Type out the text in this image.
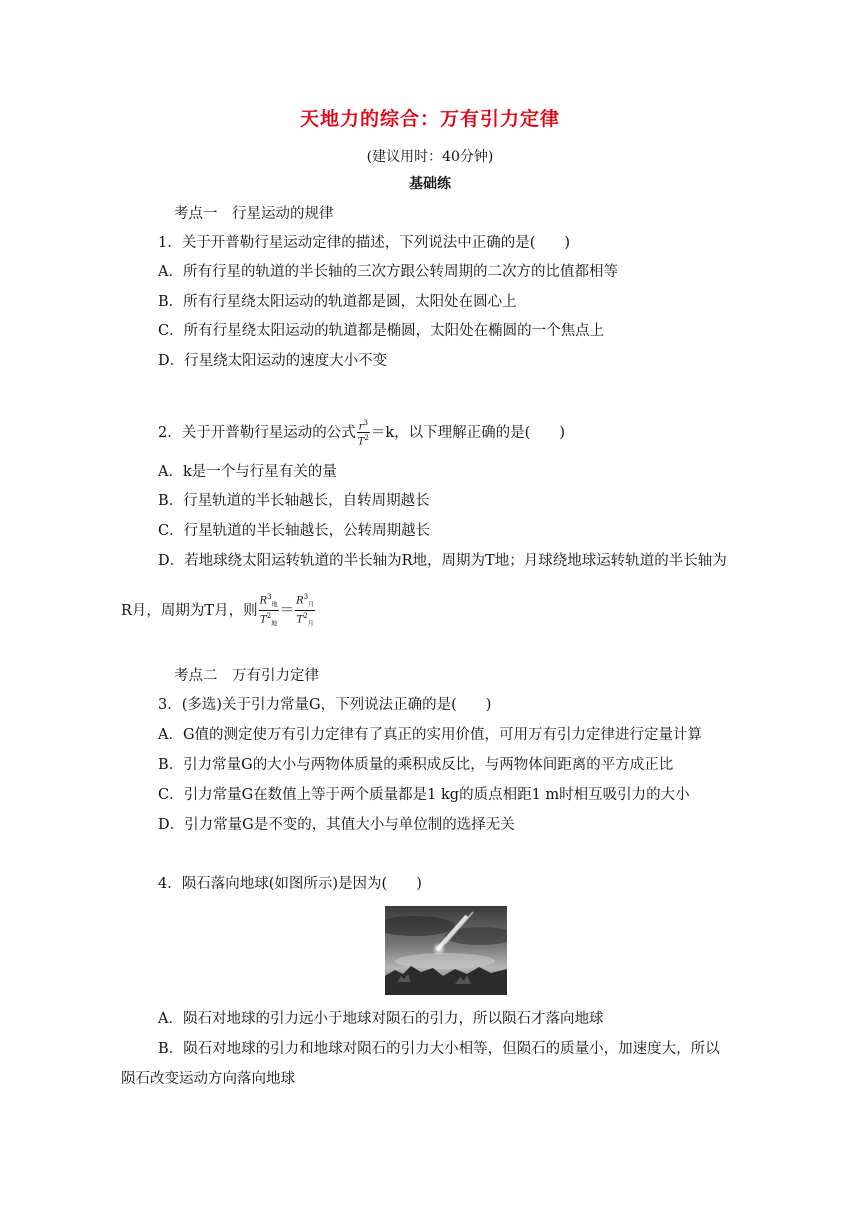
天地力的综合：万有引力定律
(建议用时：40分钟)
基础练
考点一　行星运动的规律
1．关于开普勒行星运动定律的描述，下列说法中正确的是(　　)
A．所有行星的轨道的半长轴的三次方跟公转周期的二次方的比值都相等
B．所有行星绕太阳运动的轨道都是圆，太阳处在圆心上
C．所有行星绕太阳运动的轨道都是椭圆，太阳处在椭圆的一个焦点上
D．行星绕太阳运动的速度大小不变
2．关于开普勒行星运动的公式 $\frac{r^3}{T^2} =k$，以下理解正确的是(　　)
A．k是一个与行星有关的量
B．行星轨道的半长轴越长，自转周期越长
C．行星轨道的半长轴越长，公转周期越长
D．若地球绕太阳运转轨道的半长轴为R地，周期为T地；月球绕地球运转轨道的半长轴为
R月，周期为T月，则 $\frac{R^3_地}{T^2_地} = \frac{R^3_月}{T^2_月}$
考点二　万有引力定律
3．(多选)关于引力常量G，下列说法正确的是(　　)
A．G值的测定使万有引力定律有了真正的实用价值，可用万有引力定律进行定量计算
B．引力常量G的大小与两物体质量的乘积成反比，与两物体间距离的平方成正比
C．引力常量G在数值上等于两个质量都是1 kg的质点相距1 m时相互吸引力的大小
D．引力常量G是不变的，其值大小与单位制的选择无关
4．陨石落向地球(如图所示)是因为(　　)
A．陨石对地球的引力远小于地球对陨石的引力，所以陨石才落向地球
B．陨石对地球的引力和地球对陨石的引力大小相等，但陨石的质量小，加速度大，所以
陨石改变运动方向落向地球
